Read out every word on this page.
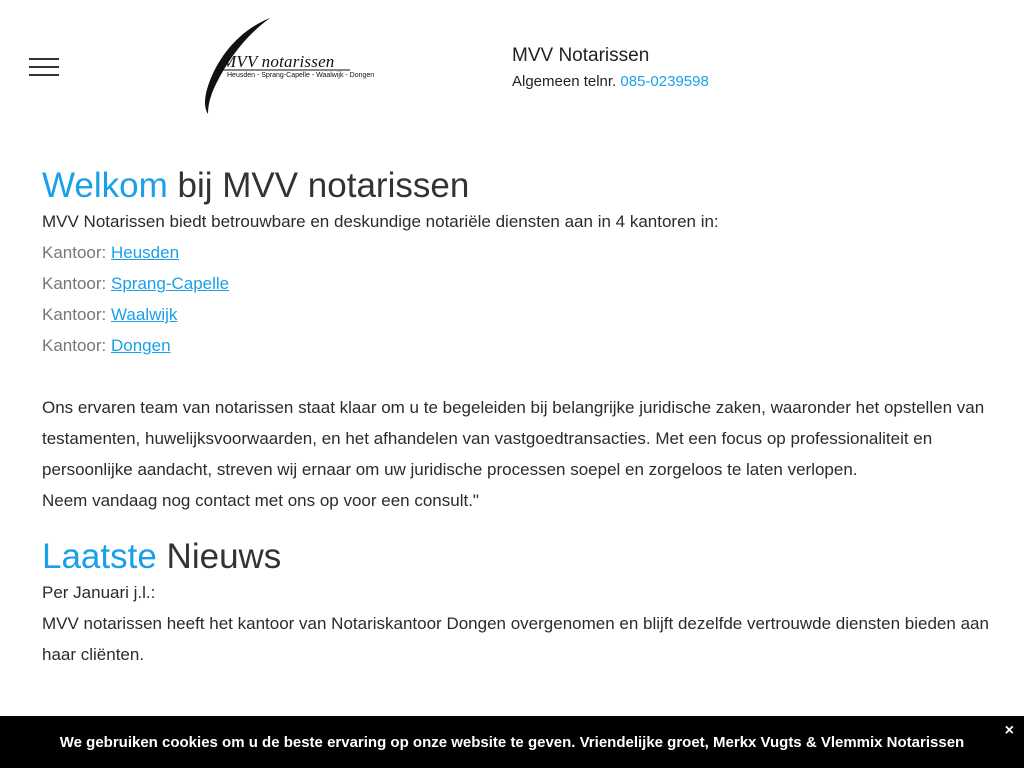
MVV notarissen
Heusden - Sprang-Capelle - Waalwijk - Dongen
MVV Notarissen
Algemeen telnr. 085-0239598
Welkom bij MVV notarissen
MVV Notarissen biedt betrouwbare en deskundige notariële diensten aan in 4 kantoren in:
Kantoor: Heusden
Kantoor: Sprang-Capelle
Kantoor: Waalwijk
Kantoor: Dongen
Ons ervaren team van notarissen staat klaar om u te begeleiden bij belangrijke juridische zaken, waaronder het opstellen van
testamenten, huwelijksvoorwaarden, en het afhandelen van vastgoedtransacties. Met een focus op professionaliteit en
persoonlijke aandacht, streven wij ernaar om uw juridische processen soepel en zorgeloos te laten verlopen.
Neem vandaag nog contact met ons op voor een consult."
Laatste Nieuws
Per Januari j.l.:
MVV notarissen heeft het kantoor van Notariskantoor Dongen overgenomen en blijft dezelfde vertrouwde diensten bieden aan
haar cliënten.
We gebruiken cookies om u de beste ervaring op onze website te geven. Vriendelijke groet, Merkx Vugts & Vlemmix Notarissen
×
